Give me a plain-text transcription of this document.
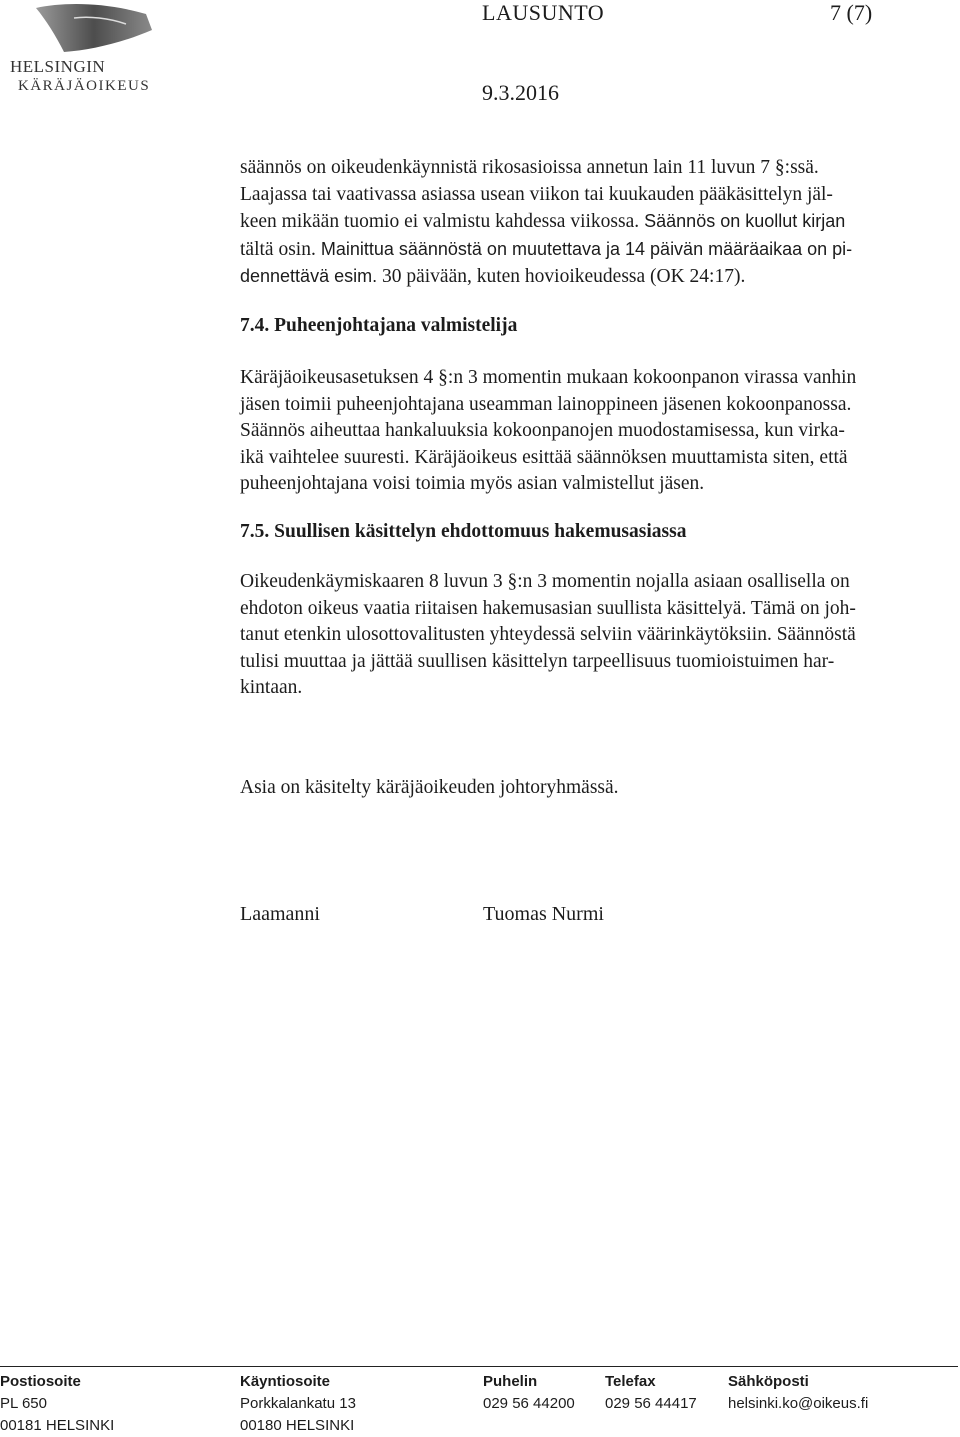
HELSINGIN
KÄRÄJÄOIKEUS
LAUSUNTO	7 (7)
9.3.2016

säännös on oikeudenkäynnistä rikosasioissa annetun lain 11 luvun 7 §:ssä.

Laajassa tai vaativassa asiassa usean viikon tai kuukauden pääkäsittelyn jäl-

keen mikään tuomio ei valmistu kahdessa viikossa. Säännös on kuollut kirjan

tältä osin. Mainittua säännöstä on muutettava ja 14 päivän määräaikaa on pi-

dennettävä esim. 30 päivään, kuten hovioikeudessa (OK 24:17).

7.4. Puheenjohtajana valmistelija

Käräjäoikeusasetuksen 4 §:n 3 momentin mukaan kokoonpanon virassa vanhin

jäsen toimii puheenjohtajana useamman lainoppineen jäsenen kokoonpanossa.

Säännös aiheuttaa hankaluuksia kokoonpanojen muodostamisessa, kun virka-

ikä vaihtelee suuresti. Käräjäoikeus esittää säännöksen muuttamista siten, että

puheenjohtajana voisi toimia myös asian valmistellut jäsen.

7.5. Suullisen käsittelyn ehdottomuus hakemusasiassa

Oikeudenkäymiskaaren 8 luvun 3 §:n 3 momentin nojalla asiaan osallisella on

ehdoton oikeus vaatia riitaisen hakemusasian suullista käsittelyä. Tämä on joh-

tanut etenkin ulosottovalitusten yhteydessä selviin väärinkäytöksiin. Säännöstä

tulisi muuttaa ja jättää suullisen käsittelyn tarpeellisuus tuomioistuimen har-

kintaan.

Asia on käsitelty käräjäoikeuden johtoryhmässä.
Laamanni	Tuomas Nurmi
Postiosoite
PL 650
00181 HELSINKI
Käyntiosoite
Porkkalankatu 13
00180 HELSINKI
Puhelin
029 56 44200
Telefax
029 56 44417
Sähköposti
helsinki.ko@oikeus.fi
